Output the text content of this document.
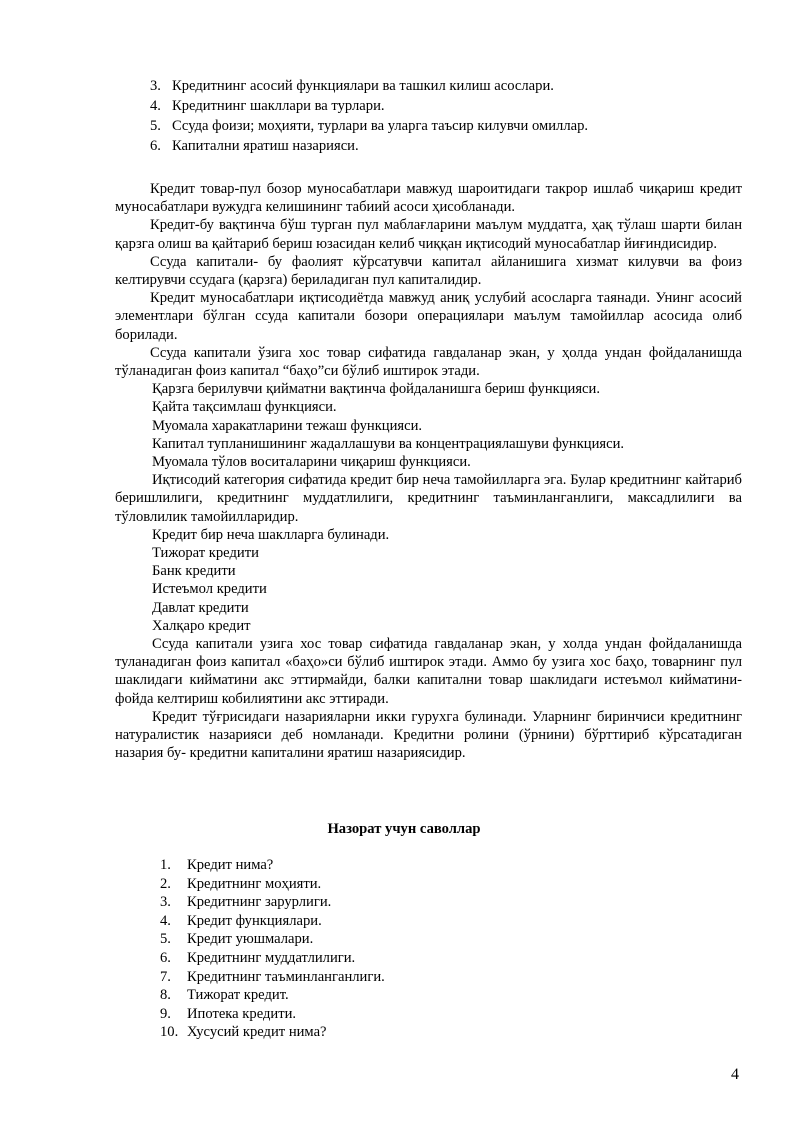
3. Кредитнинг асосий функциялари ва ташкил килиш асослари.
4. Кредитнинг шакллари ва турлари.
5. Ссуда фоизи; моҳияти, турлари ва уларга таъсир килувчи омиллар.
6. Капитални яратиш назарияси.

Кредит товар-пул бозор муносабатлари мавжуд шароитидаги такрор ишлаб чиқариш кредит муносабатлари вужудга келишининг табиий асоси ҳисобланади.

Кредит-бу вақтинча бўш турган пул маблағларини маълум муддатга, ҳақ тўлаш шарти билан қарзга олиш ва қайтариб бериш юзасидан келиб чиққан иқтисодий муносабатлар йиғиндисидир.

Ссуда капитали- бу фаолият кўрсатувчи капитал айланишига хизмат килувчи ва фоиз келтирувчи ссудага (қарзга) бериладиган пул капиталидир.

Кредит муносабатлари иқтисодиётда мавжуд аниқ услубий асосларга таянади. Унинг асосий элементлари бўлган ссуда капитали бозори операциялари маълум тамойиллар асосида олиб борилади.

Ссуда капитали ўзига хос товар сифатида гавдаланар экан, у ҳолда ундан фойдаланишда тўланадиган фоиз капитал “баҳо”си бўлиб иштирок этади.

Қарзга берилувчи қийматни вақтинча фойдаланишга бериш функцияси.

Қайта тақсимлаш функцияси.

Муомала харакатларини тежаш функцияси.

Капитал тупланишининг жадаллашуви ва концентрациялашуви функцияси.

Муомала тўлов воситаларини чиқариш функцияси.

Иқтисодий категория сифатида кредит бир неча тамойилларга эга. Булар кредитнинг кайтариб беришлилиги, кредитнинг муддатлилиги, кредитнинг таъминланганлиги, максадлилиги ва тўловлилик тамойилларидир.

Кредит бир неча шаклларга булинади.

Тижорат кредити

Банк кредити

Истеъмол кредити

Давлат кредити

Халқаро кредит

Ссуда капитали узига хос товар сифатида гавдаланар экан, у холда ундан фойдаланишда туланадиган фоиз капитал «баҳо»си бўлиб иштирок этади. Аммо бу узига хос баҳо, товарнинг пул шаклидаги кийматини акс эттирмайди, балки капитални товар шаклидаги истеъмол кийматини- фойда келтириш кобилиятини акс эттиради.

Кредит тўғрисидаги назарияларни икки гурухга булинади. Уларнинг биринчиси кредитнинг натуралистик назарияси деб номланади. Кредитни ролини (ўрнини) бўрттириб кўрсатадиган назария бу- кредитни капиталини яратиш назариясидир.

Назорат учун саволлар
1. Кредит нима?
2. Кредитнинг моҳияти.
3. Кредитнинг зарурлиги.
4. Кредит функциялари.
5. Кредит уюшмалари.
6. Кредитнинг муддатлилиги.
7. Кредитнинг таъминланганлиги.
8. Тижорат кредит.
9. Ипотека кредити.
10. Хусусий кредит нима?
4
